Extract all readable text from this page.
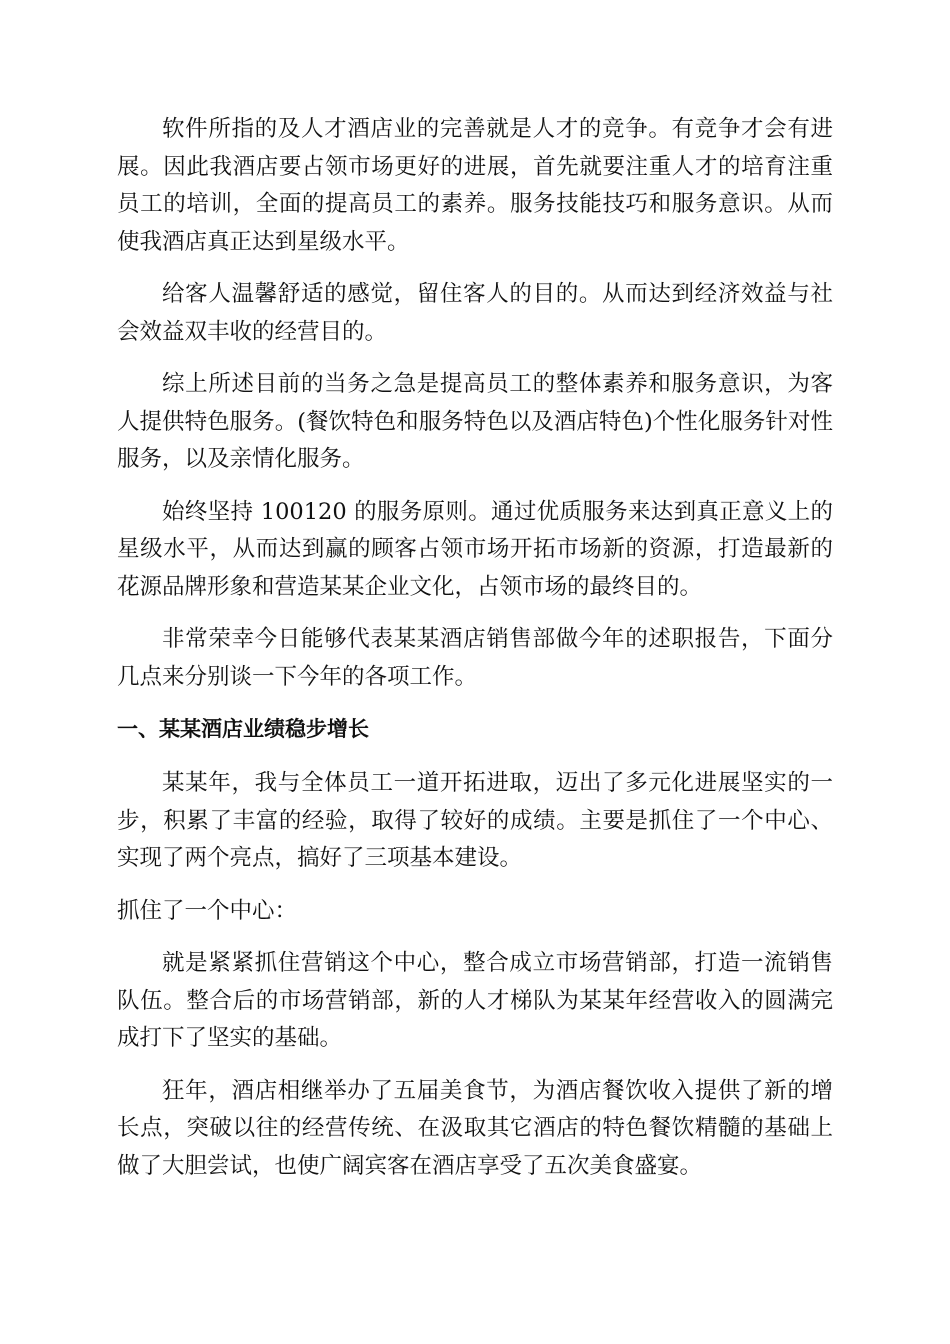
软件所指的及人才酒店业的完善就是人才的竞争。有竞争才会有进展。因此我酒店要占领市场更好的进展，首先就要注重人才的培育注重员工的培训，全面的提高员工的素养。服务技能技巧和服务意识。从而使我酒店真正达到星级水平。

给客人温馨舒适的感觉，留住客人的目的。从而达到经济效益与社会效益双丰收的经营目的。

综上所述目前的当务之急是提高员工的整体素养和服务意识，为客人提供特色服务。(餐饮特色和服务特色以及酒店特色)个性化服务针对性服务，以及亲情化服务。

始终坚持 100120 的服务原则。通过优质服务来达到真正意义上的星级水平，从而达到赢的顾客占领市场开拓市场新的资源，打造最新的花源品牌形象和营造某某企业文化，占领市场的最终目的。

非常荣幸今日能够代表某某酒店销售部做今年的述职报告，下面分几点来分别谈一下今年的各项工作。

一、某某酒店业绩稳步增长

某某年，我与全体员工一道开拓进取，迈出了多元化进展坚实的一步，积累了丰富的经验，取得了较好的成绩。主要是抓住了一个中心、实现了两个亮点，搞好了三项基本建设。

抓住了一个中心：

就是紧紧抓住营销这个中心，整合成立市场营销部，打造一流销售队伍。整合后的市场营销部，新的人才梯队为某某年经营收入的圆满完成打下了坚实的基础。

狂年，酒店相继举办了五届美食节，为酒店餐饮收入提供了新的增长点，突破以往的经营传统、在汲取其它酒店的特色餐饮精髓的基础上做了大胆尝试，也使广阔宾客在酒店享受了五次美食盛宴。
